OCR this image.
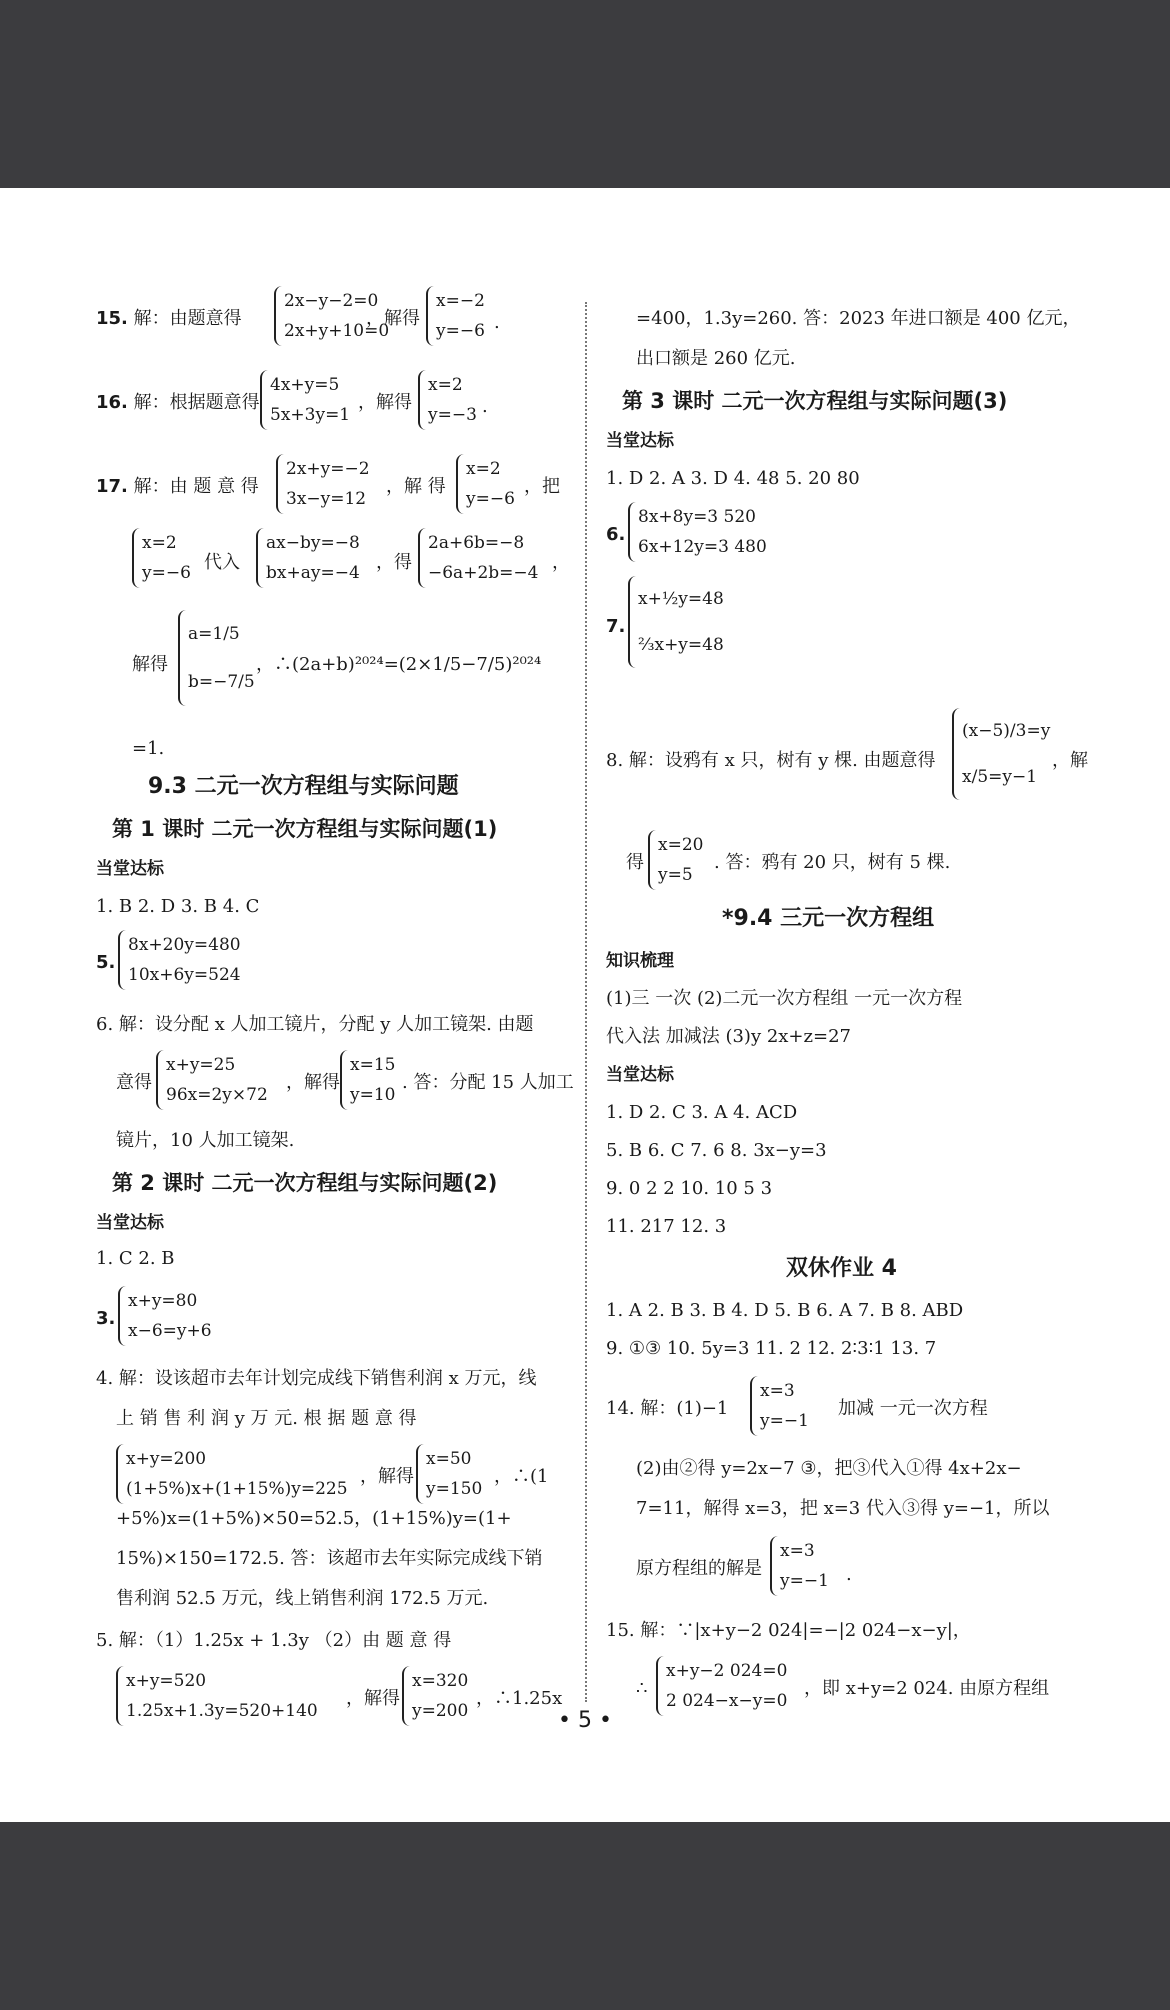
15. 解：由题意得
2x−y−2=0
2x+y+10=0
，解得
x=−2
y=−6 .
16. 解：根据题意得
4x+y=5
5x+3y=1
，解得
x=2
y=−3 .
17. 解：由 题 意 得
2x+y=−2
3x−y=12
，解 得
x=2
y=−6
，把
x=2
y=−6 代入
ax−by=−8
bx+ay=−4 ，得
2a+6b=−8
−6a+2b=−4 ，
解得
a=1/5
b=−7/5
，∴(2a+b)²⁰²⁴=(2×1/5−7/5)²⁰²⁴
=1.
9.3 二元一次方程组与实际问题
第 1 课时 二元一次方程组与实际问题(1)
当堂达标
1. B 2. D 3. B 4. C
5.
8x+20y=480
10x+6y=524
6. 解：设分配 x 人加工镜片，分配 y 人加工镜架. 由题
意得
x+y=25
96x=2y×72
，解得
x=15
y=10
. 答：分配 15 人加工
镜片，10 人加工镜架.
第 2 课时 二元一次方程组与实际问题(2)
当堂达标
1. C 2. B
3.
x+y=80
x−6=y+6
4. 解：设该超市去年计划完成线下销售利润 x 万元，线
上 销 售 利 润 y 万 元. 根 据 题 意 得
x+y=200
(1+5%)x+(1+15%)y=225
，解得
x=50
y=150
，∴(1
+5%)x=(1+5%)×50=52.5，(1+15%)y=(1+
15%)×150=172.5. 答：该超市去年实际完成线下销
售利润 52.5 万元，线上销售利润 172.5 万元.
5. 解：（1）1.25x + 1.3y （2）由 题 意 得
x+y=520
1.25x+1.3y=520+140
，解得
x=320
y=200
，∴1.25x
=400，1.3y=260. 答：2023 年进口额是 400 亿元，
出口额是 260 亿元.
第 3 课时 二元一次方程组与实际问题(3)
当堂达标
1. D 2. A 3. D 4. 48 5. 20 80
6.
8x+8y=3 520
6x+12y=3 480
7.
x+½y=48
⅔x+y=48
8. 解：设鸦有 x 只，树有 y 棵. 由题意得
(x−5)/3=y
x/5=y−1
，解
得
x=20
y=5
. 答：鸦有 20 只，树有 5 棵.
*9.4 三元一次方程组
知识梳理
(1)三 一次 (2)二元一次方程组 一元一次方程
代入法 加减法 (3)y 2x+z=27
当堂达标
1. D 2. C 3. A 4. ACD
5. B 6. C 7. 6 8. 3x−y=3
9. 0 2 2 10. 10 5 3
11. 217 12. 3
双休作业 4
1. A 2. B 3. B 4. D 5. B 6. A 7. B 8. ABD
9. ①③ 10. 5y=3 11. 2 12. 2∶3∶1 13. 7
14. 解：(1)−1
x=3
y=−1
加减 一元一次方程
(2)由②得 y=2x−7 ③，把③代入①得 4x+2x−
7=11，解得 x=3，把 x=3 代入③得 y=−1，所以
原方程组的解是
x=3
y=−1 .
15. 解：∵|x+y−2 024|=−|2 024−x−y|，
∴
x+y−2 024=0
2 024−x−y=0
，即 x+y=2 024. 由原方程组
• 5 •
